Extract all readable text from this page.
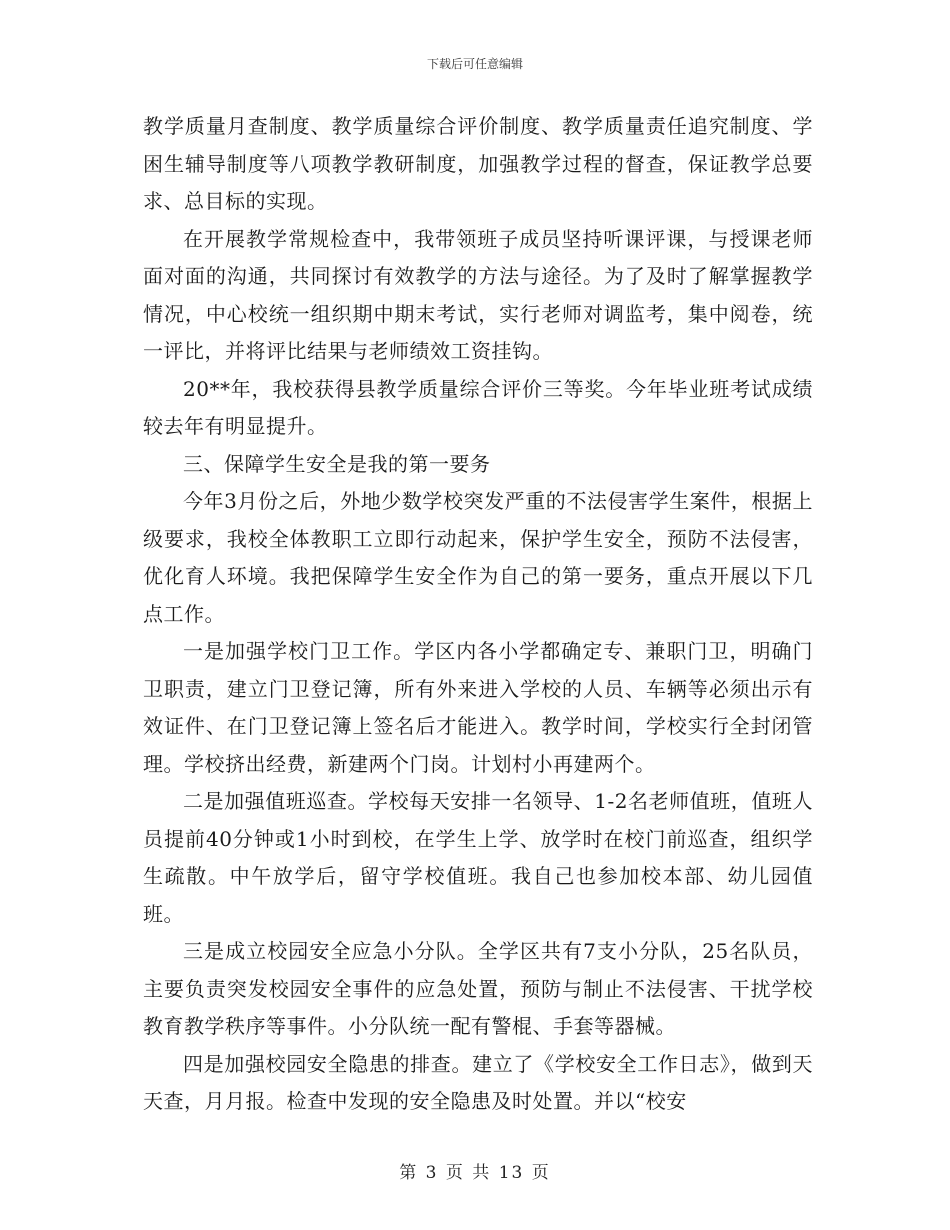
下载后可任意编辑

教学质量月查制度、教学质量综合评价制度、教学质量责任追究制度、学困生辅导制度等八项教学教研制度，加强教学过程的督查，保证教学总要求、总目标的实现。

在开展教学常规检查中，我带领班子成员坚持听课评课，与授课老师面对面的沟通，共同探讨有效教学的方法与途径。为了及时了解掌握教学情况，中心校统一组织期中期末考试，实行老师对调监考，集中阅卷，统一评比，并将评比结果与老师绩效工资挂钩。

20**年，我校获得县教学质量综合评价三等奖。今年毕业班考试成绩较去年有明显提升。

三、保障学生安全是我的第一要务

今年3月份之后，外地少数学校突发严重的不法侵害学生案件，根据上级要求，我校全体教职工立即行动起来，保护学生安全，预防不法侵害，优化育人环境。我把保障学生安全作为自己的第一要务，重点开展以下几点工作。

一是加强学校门卫工作。学区内各小学都确定专、兼职门卫，明确门卫职责，建立门卫登记簿，所有外来进入学校的人员、车辆等必须出示有效证件、在门卫登记簿上签名后才能进入。教学时间，学校实行全封闭管理。学校挤出经费，新建两个门岗。计划村小再建两个。

二是加强值班巡查。学校每天安排一名领导、1-2名老师值班，值班人员提前40分钟或1小时到校，在学生上学、放学时在校门前巡查，组织学生疏散。中午放学后，留守学校值班。我自己也参加校本部、幼儿园值班。

三是成立校园安全应急小分队。全学区共有7支小分队，25名队员，主要负责突发校园安全事件的应急处置，预防与制止不法侵害、干扰学校教育教学秩序等事件。小分队统一配有警棍、手套等器械。

四是加强校园安全隐患的排查。建立了《学校安全工作日志》，做到天天查，月月报。检查中发现的安全隐患及时处置。并以“校安

第 3 页 共 13 页
